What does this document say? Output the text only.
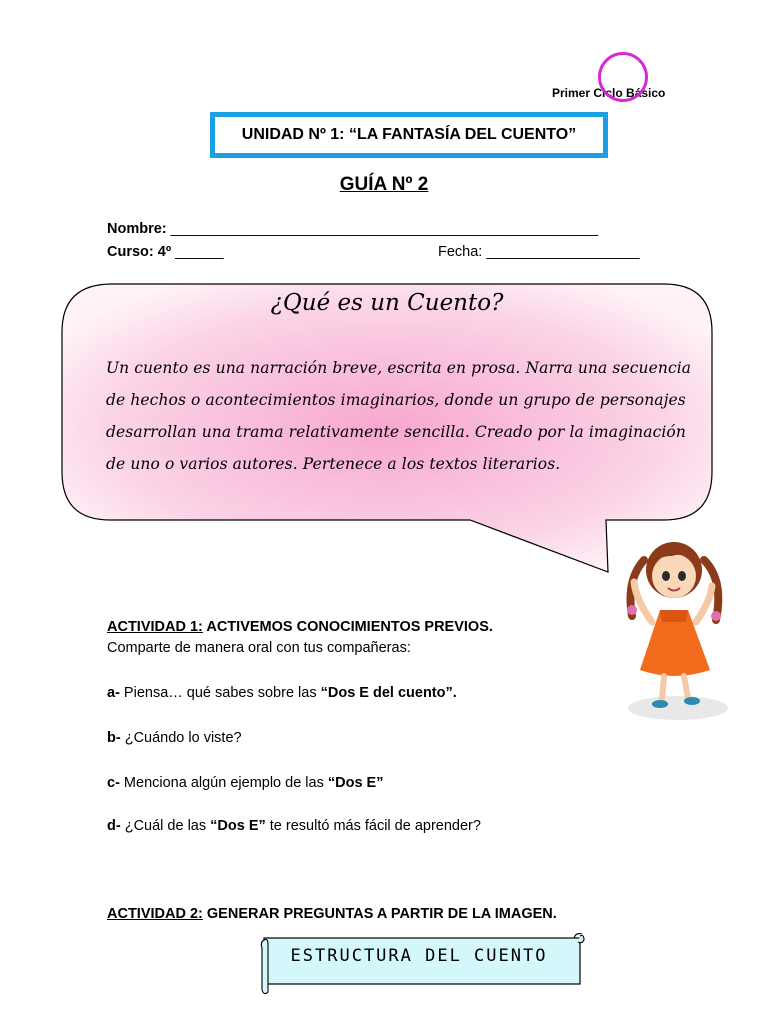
Primer Ciclo Básico
UNIDAD Nº 1: “LA FANTASÍA DEL CUENTO”
GUÍA Nº 2
Nombre: _____________________________________________________
Curso: 4º ______	Fecha: ___________________
¿Qué es un Cuento?
Un cuento es una narración breve, escrita en prosa. Narra una secuencia de hechos o acontecimientos imaginarios, donde un grupo de personajes desarrollan una trama relativamente sencilla. Creado por la imaginación de uno o varios autores. Pertenece a los textos literarios.
ACTIVIDAD 1: ACTIVEMOS CONOCIMIENTOS PREVIOS.
Comparte de manera oral con tus compañeras:
a- Piensa… qué sabes sobre las “Dos E del cuento”.
b- ¿Cuándo lo viste?
c- Menciona algún ejemplo de las “Dos E”
d- ¿Cuál de las “Dos E” te resultó más fácil de aprender?
ACTIVIDAD 2: GENERAR PREGUNTAS A PARTIR DE LA IMAGEN.
ESTRUCTURA DEL CUENTO
